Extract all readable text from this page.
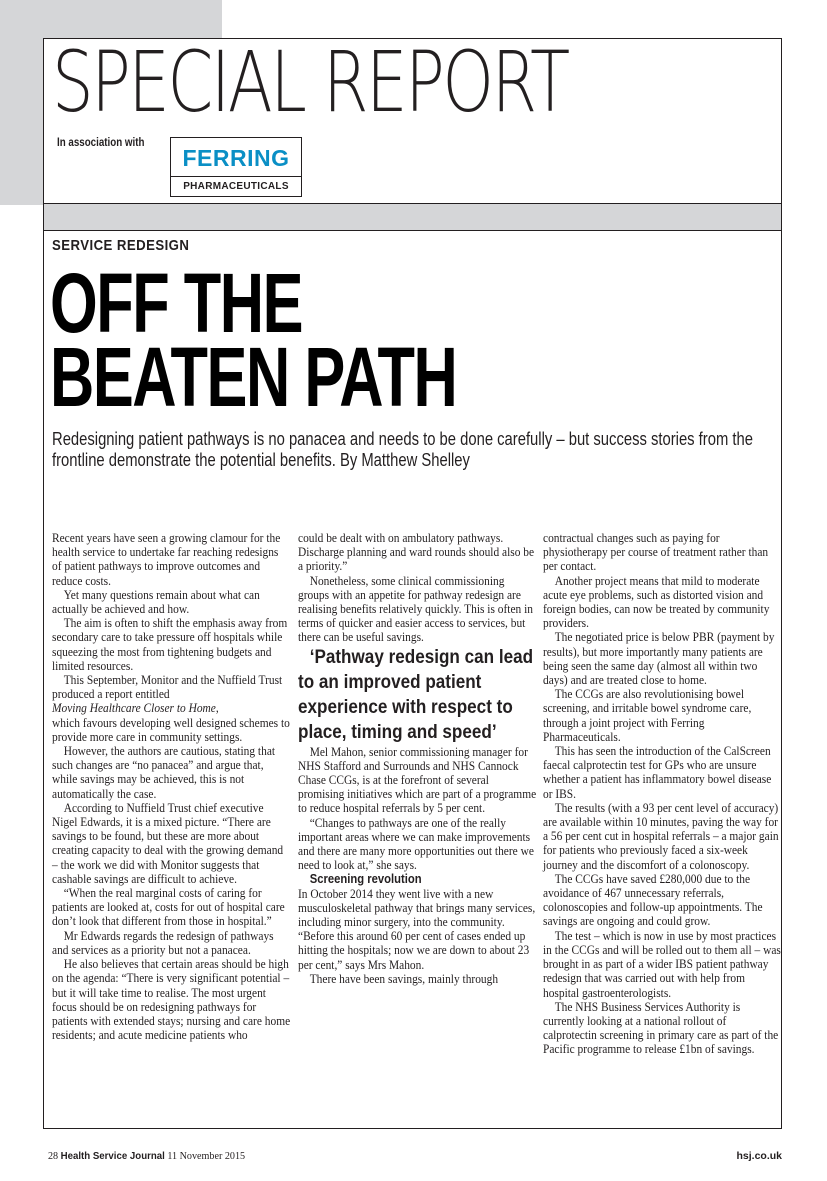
SPECIAL REPORT
In association with
FERRING
PHARMACEUTICALS
SERVICE REDESIGN
OFF THE
BEATEN PATH
Redesigning patient pathways is no panacea and needs to be done carefully – but success stories from the frontline demonstrate the potential benefits. By Matthew Shelley

Recent years have seen a growing clamour for the health service to undertake far reaching redesigns of patient pathways to improve outcomes and reduce costs.

Yet many questions remain about what can actually be achieved and how.

The aim is often to shift the emphasis away from secondary care to take pressure off hospitals while squeezing the most from tightening budgets and limited resources.

This September, Monitor and the Nuffield Trust produced a report entitled

Moving Healthcare Closer to Home,

which favours developing well designed schemes to provide more care in community settings.

However, the authors are cautious, stating that such changes are “no panacea” and argue that, while savings may be achieved, this is not automatically the case.

According to Nuffield Trust chief executive Nigel Edwards, it is a mixed picture. “There are savings to be found, but these are more about creating capacity to deal with the growing demand – the work we did with Monitor suggests that cashable savings are difficult to achieve.

“When the real marginal costs of caring for patients are looked at, costs for out of hospital care don’t look that different from those in hospital.”

Mr Edwards regards the redesign of pathways and services as a priority but not a panacea.

He also believes that certain areas should be high on the agenda: “There is very significant potential – but it will take time to realise. The most urgent focus should be on redesigning pathways for patients with extended stays; nursing and care home residents; and acute medicine patients who

could be dealt with on ambulatory pathways. Discharge planning and ward rounds should also be a priority.”

Nonetheless, some clinical commissioning groups with an appetite for pathway redesign are realising benefits relatively quickly. This is often in terms of quicker and easier access to services, but there can be useful savings.

‘Pathway redesign can lead to an improved patient experience with respect to place, timing and speed’

Mel Mahon, senior commissioning manager for NHS Stafford and Surrounds and NHS Cannock Chase CCGs, is at the forefront of several promising initiatives which are part of a programme to reduce hospital referrals by 5 per cent.

“Changes to pathways are one of the really important areas where we can make improvements and there are many more opportunities out there we need to look at,” she says.

Screening revolution

In October 2014 they went live with a new musculoskeletal pathway that brings many services, including minor surgery, into the community. “Before this around 60 per cent of cases ended up hitting the hospitals; now we are down to about 23 per cent,” says Mrs Mahon.

There have been savings, mainly through

contractual changes such as paying for physiotherapy per course of treatment rather than per contact.

Another project means that mild to moderate acute eye problems, such as distorted vision and foreign bodies, can now be treated by community providers.

The negotiated price is below PBR (payment by results), but more importantly many patients are being seen the same day (almost all within two days) and are treated close to home.

The CCGs are also revolutionising bowel screening, and irritable bowel syndrome care, through a joint project with Ferring Pharmaceuticals.

This has seen the introduction of the CalScreen faecal calprotectin test for GPs who are unsure whether a patient has inflammatory bowel disease or IBS.

The results (with a 93 per cent level of accuracy) are available within 10 minutes, paving the way for a 56 per cent cut in hospital referrals – a major gain for patients who previously faced a six-week journey and the discomfort of a colonoscopy.

The CCGs have saved £280,000 due to the avoidance of 467 unnecessary referrals, colonoscopies and follow-up appointments. The savings are ongoing and could grow.

The test – which is now in use by most practices in the CCGs and will be rolled out to them all – was brought in as part of a wider IBS patient pathway redesign that was carried out with help from hospital gastroenterologists.

The NHS Business Services Authority is currently looking at a national rollout of calprotectin screening in primary care as part of the Pacific programme to release £1bn of savings.

28 Health Service Journal 11 November 2015	hsj.co.uk
